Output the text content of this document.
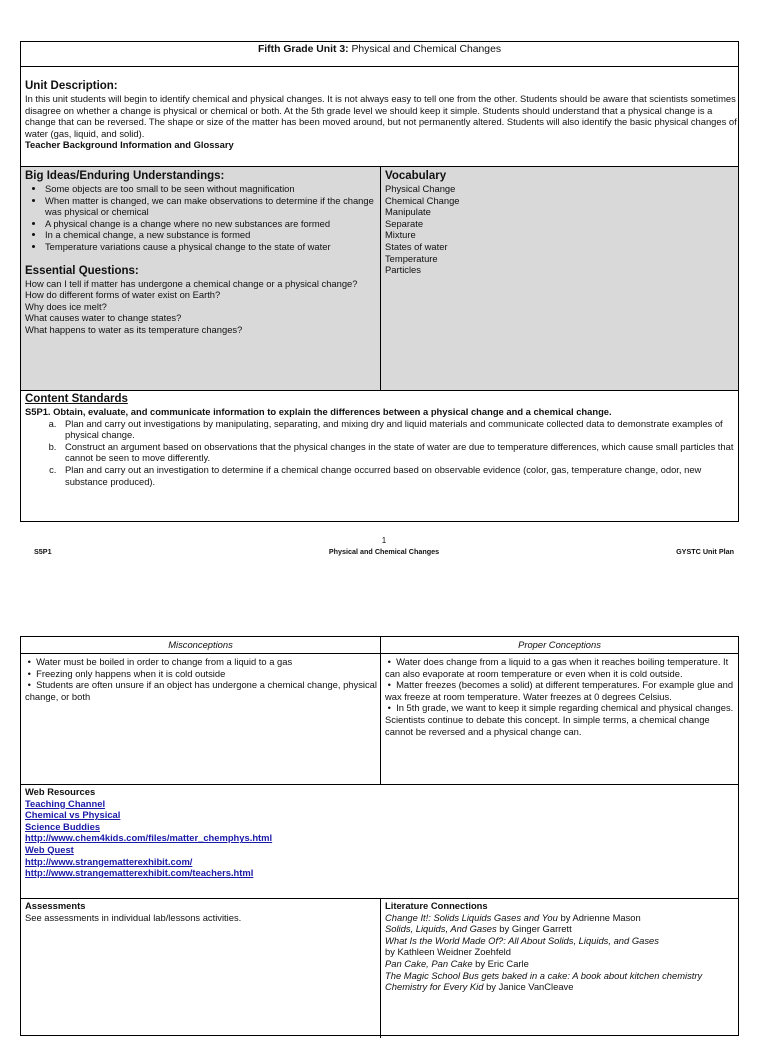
Fifth Grade Unit 3: Physical and Chemical Changes
Unit Description:
In this unit students will begin to identify chemical and physical changes. It is not always easy to tell one from the other. Students should be aware that scientists sometimes disagree on whether a change is physical or chemical or both. At the 5th grade level we should keep it simple. Students should understand that a physical change is a change that can be reversed. The shape or size of the matter has been moved around, but not permanently altered. Students will also identify the basic physical changes of water (gas, liquid, and solid).
Teacher Background Information and Glossary
Big Ideas/Enduring Understandings:
• Some objects are too small to be seen without magnification
• When matter is changed, we can make observations to determine if the change was physical or chemical
• A physical change is a change where no new substances are formed
• In a chemical change, a new substance is formed
• Temperature variations cause a physical change to the state of water
Essential Questions:
How can I tell if matter has undergone a chemical change or a physical change?
How do different forms of water exist on Earth?
Why does ice melt?
What causes water to change states?
What happens to water as its temperature changes?
Vocabulary
Physical Change
Chemical Change
Manipulate
Separate
Mixture
States of water
Temperature
Particles
Content Standards
S5P1. Obtain, evaluate, and communicate information to explain the differences between a physical change and a chemical change.
a. Plan and carry out investigations by manipulating, separating, and mixing dry and liquid materials and communicate collected data to demonstrate examples of physical change.
b. Construct an argument based on observations that the physical changes in the state of water are due to temperature differences, which cause small particles that cannot be seen to move differently.
c. Plan and carry out an investigation to determine if a chemical change occurred based on observable evidence (color, gas, temperature change, odor, new substance produced).
1
S5P1	Physical and Chemical Changes	GYSTC Unit Plan
Misconceptions	Proper Conceptions
•  Water must be boiled in order to change from a liquid to a gas
•  Freezing only happens when it is cold outside
•  Students are often unsure if an object has undergone a chemical change, physical change, or both
•  Water does change from a liquid to a gas when it reaches boiling temperature. It can also evaporate at room temperature or even when it is cold outside.
•  Matter freezes (becomes a solid) at different temperatures. For example glue and wax freeze at room temperature. Water freezes at 0 degrees Celsius.
•  In 5th grade, we want to keep it simple regarding chemical and physical changes. Scientists continue to debate this concept. In simple terms, a chemical change cannot be reversed and a physical change can.
Web Resources
Teaching Channel
Chemical vs Physical
Science Buddies
http://www.chem4kids.com/files/matter_chemphys.html
Web Quest
http://www.strangematterexhibit.com/
http://www.strangematterexhibit.com/teachers.html
Assessments
See assessments in individual lab/lessons activities.
Literature Connections
Change It!: Solids Liquids Gases and You by Adrienne Mason
Solids, Liquids, And Gases by Ginger Garrett
What Is the World Made Of?: All About Solids, Liquids, and Gases
by Kathleen Weidner Zoehfeld
Pan Cake, Pan Cake by Eric Carle
The Magic School Bus gets baked in a cake: A book about kitchen chemistry
Chemistry for Every Kid by Janice VanCleave
